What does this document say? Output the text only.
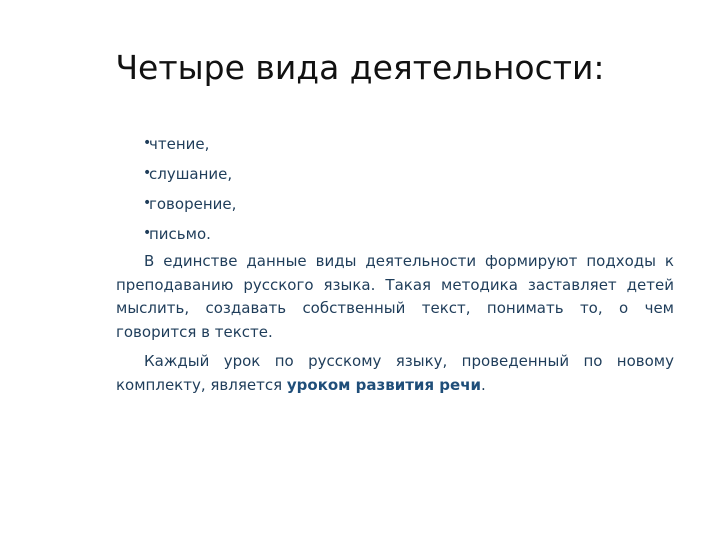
Четыре вида деятельности:
•
чтение,
•
слушание,
•
говорение,
•
письмо.

В единстве данные виды деятельности формируют подходы к преподаванию русского языка. Такая методика заставляет детей мыслить, создавать собственный текст, понимать то, о чем говорится в тексте.

Каждый урок по русскому языку, проведенный по новому комплекту, является уроком развития речи.
